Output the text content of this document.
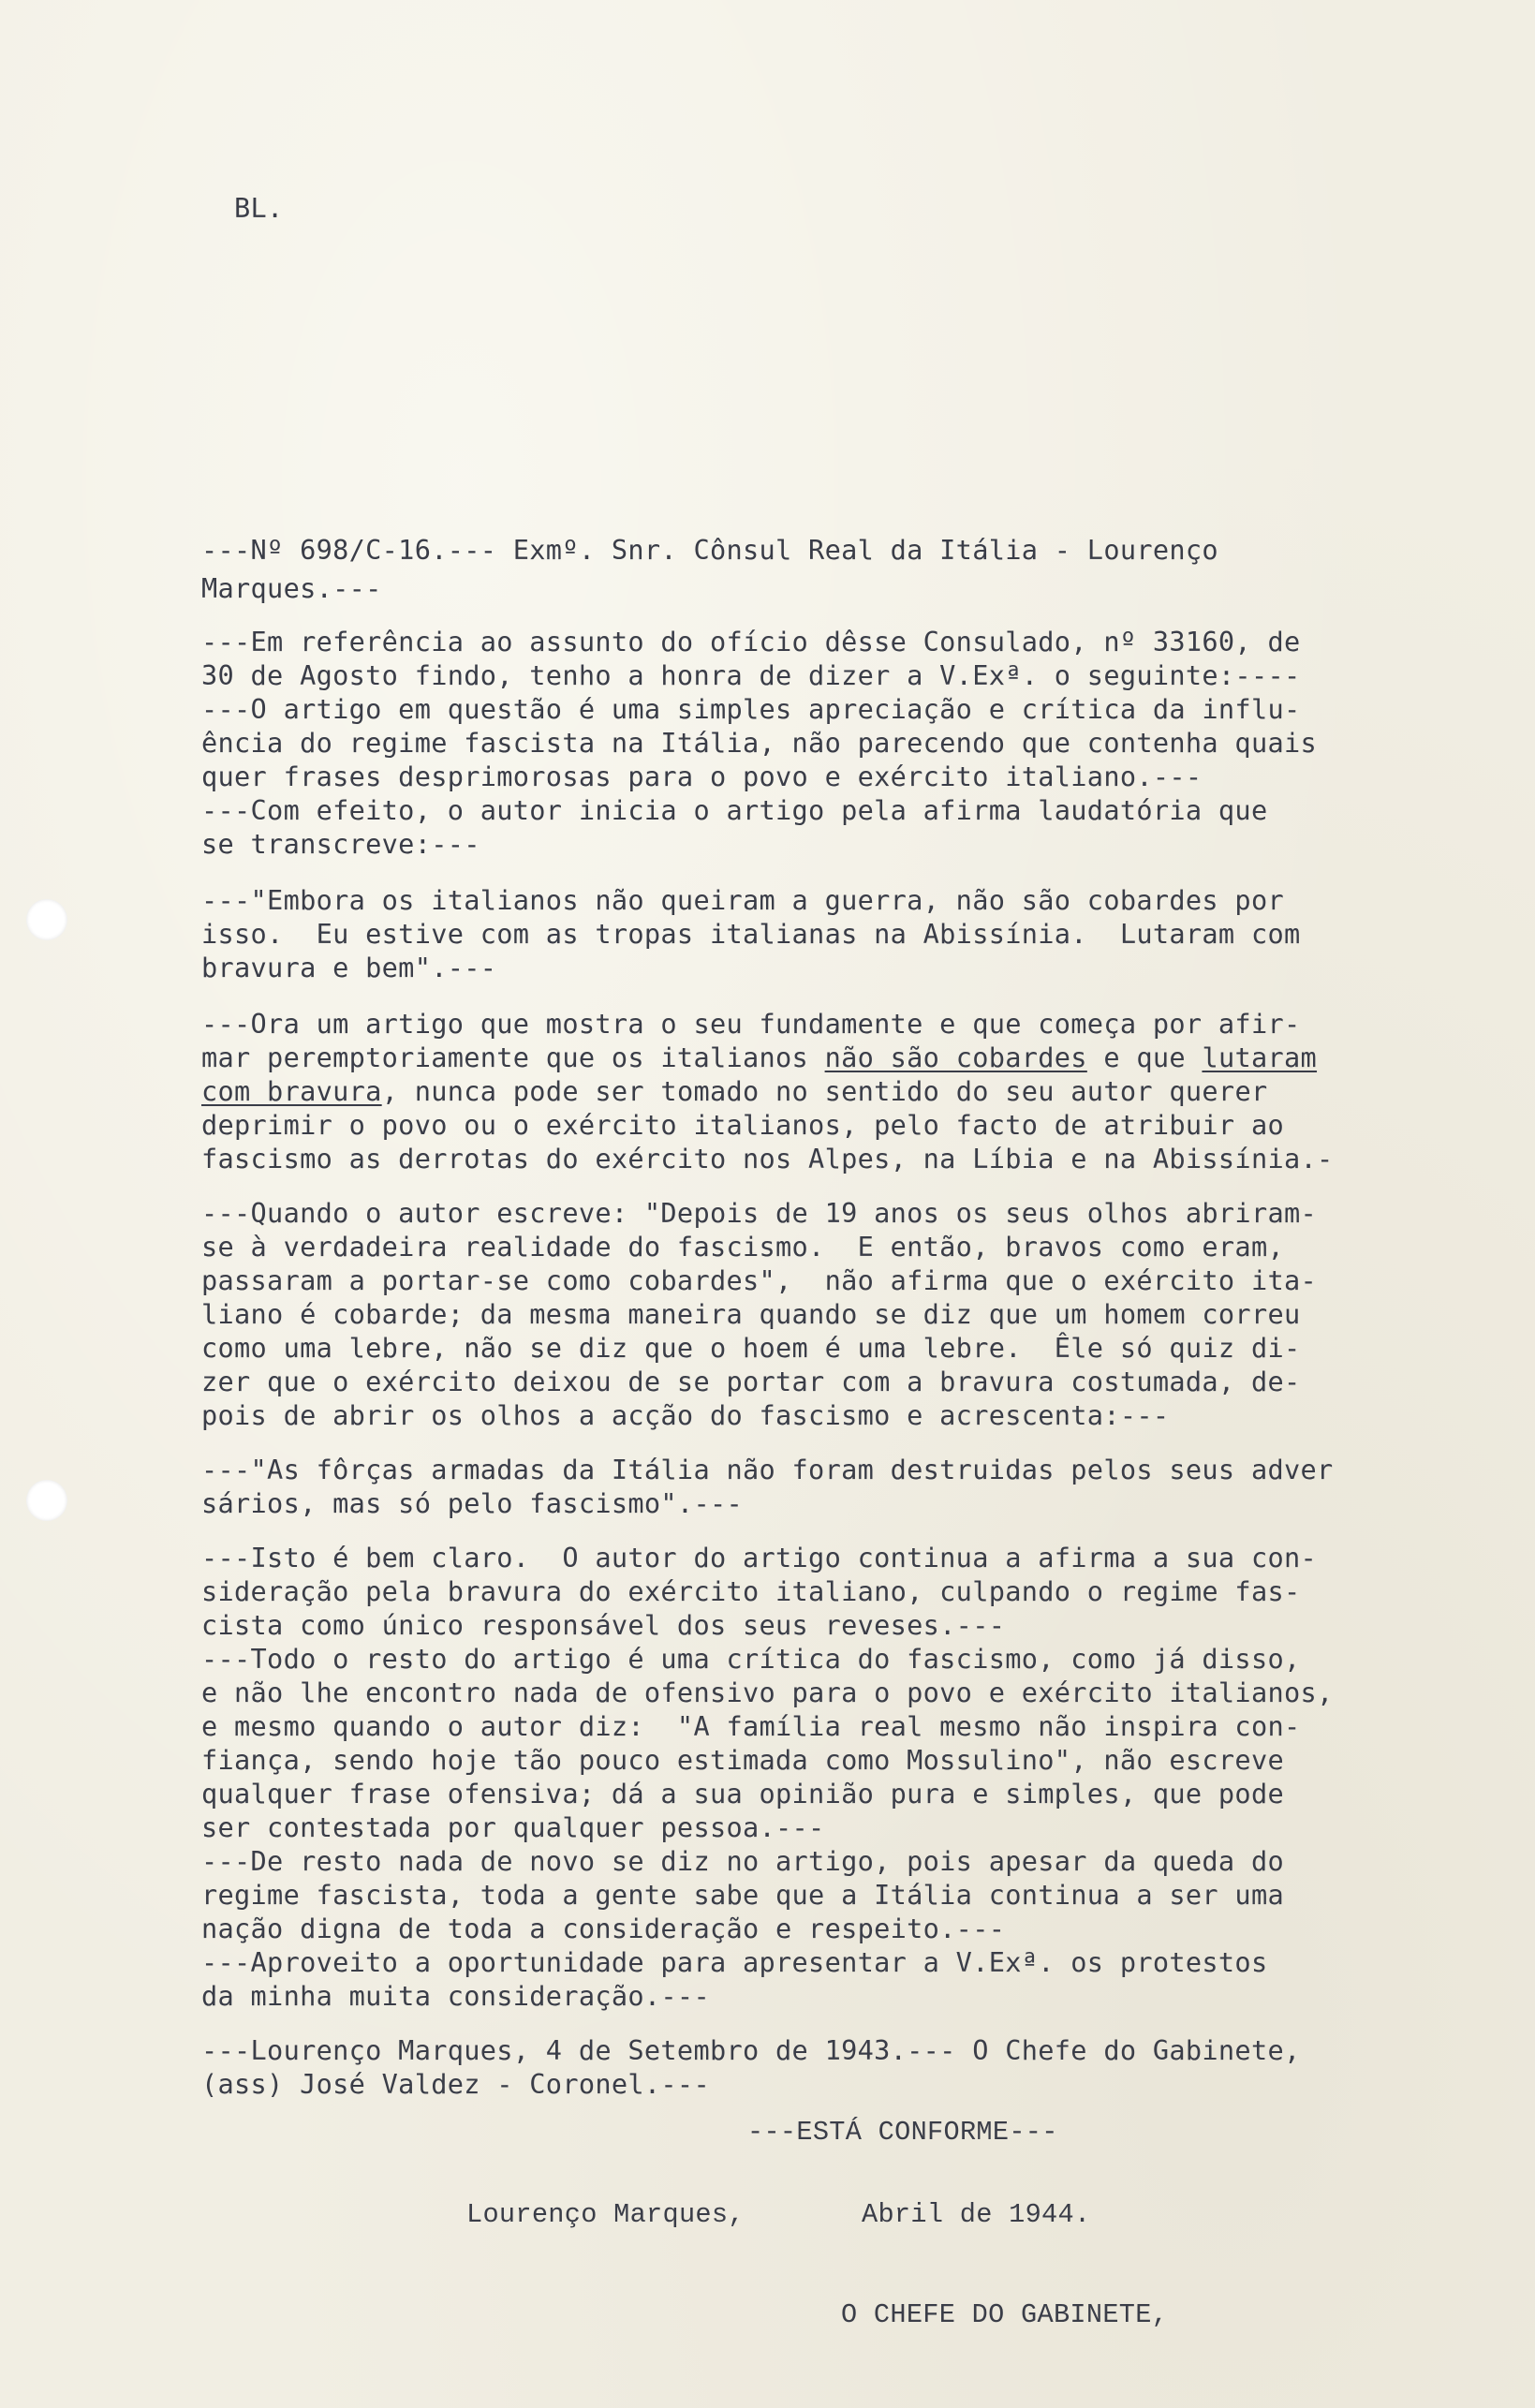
BL.
---Nº 698/C-16.--- Exmº. Snr. Cônsul Real da Itália - Lourenço
Marques.---
---Em referência ao assunto do ofício dêsse Consulado, nº 33160, de
30 de Agosto findo, tenho a honra de dizer a V.Exª. o seguinte:----
---O artigo em questão é uma simples apreciação e crítica da influ-
ência do regime fascista na Itália, não parecendo que contenha quais
quer frases desprimorosas para o povo e exército italiano.---
---Com efeito, o autor inicia o artigo pela afirma laudatória que
se transcreve:---
---"Embora os italianos não queiram a guerra, não são cobardes por
isso.  Eu estive com as tropas italianas na Abissínia.  Lutaram com
bravura e bem".---
---Ora um artigo que mostra o seu fundamente e que começa por afir-
mar peremptoriamente que os italianos não são cobardes e que lutaram
com bravura, nunca pode ser tomado no sentido do seu autor querer
deprimir o povo ou o exército italianos, pelo facto de atribuir ao
fascismo as derrotas do exército nos Alpes, na Líbia e na Abissínia.-
---Quando o autor escreve: "Depois de 19 anos os seus olhos abriram-
se à verdadeira realidade do fascismo.  E então, bravos como eram,
passaram a portar-se como cobardes",  não afirma que o exército ita-
liano é cobarde; da mesma maneira quando se diz que um homem correu
como uma lebre, não se diz que o hoem é uma lebre.  Êle só quiz di-
zer que o exército deixou de se portar com a bravura costumada, de-
pois de abrir os olhos a acção do fascismo e acrescenta:---
---"As fôrças armadas da Itália não foram destruidas pelos seus adver
sários, mas só pelo fascismo".---
---Isto é bem claro.  O autor do artigo continua a afirma a sua con-
sideração pela bravura do exército italiano, culpando o regime fas-
cista como único responsável dos seus reveses.---
---Todo o resto do artigo é uma crítica do fascismo, como já disso,
e não lhe encontro nada de ofensivo para o povo e exército italianos,
e mesmo quando o autor diz:  "A família real mesmo não inspira con-
fiança, sendo hoje tão pouco estimada como Mossulino", não escreve
qualquer frase ofensiva; dá a sua opinião pura e simples, que pode
ser contestada por qualquer pessoa.---
---De resto nada de novo se diz no artigo, pois apesar da queda do
regime fascista, toda a gente sabe que a Itália continua a ser uma
nação digna de toda a consideração e respeito.---
---Aproveito a oportunidade para apresentar a V.Exª. os protestos
da minha muita consideração.---
---Lourenço Marques, 4 de Setembro de 1943.--- O Chefe do Gabinete,
(ass) José Valdez - Coronel.---
---ESTÁ CONFORME---
Lourenço Marques,	Abril de 1944.
O CHEFE DO GABINETE,
